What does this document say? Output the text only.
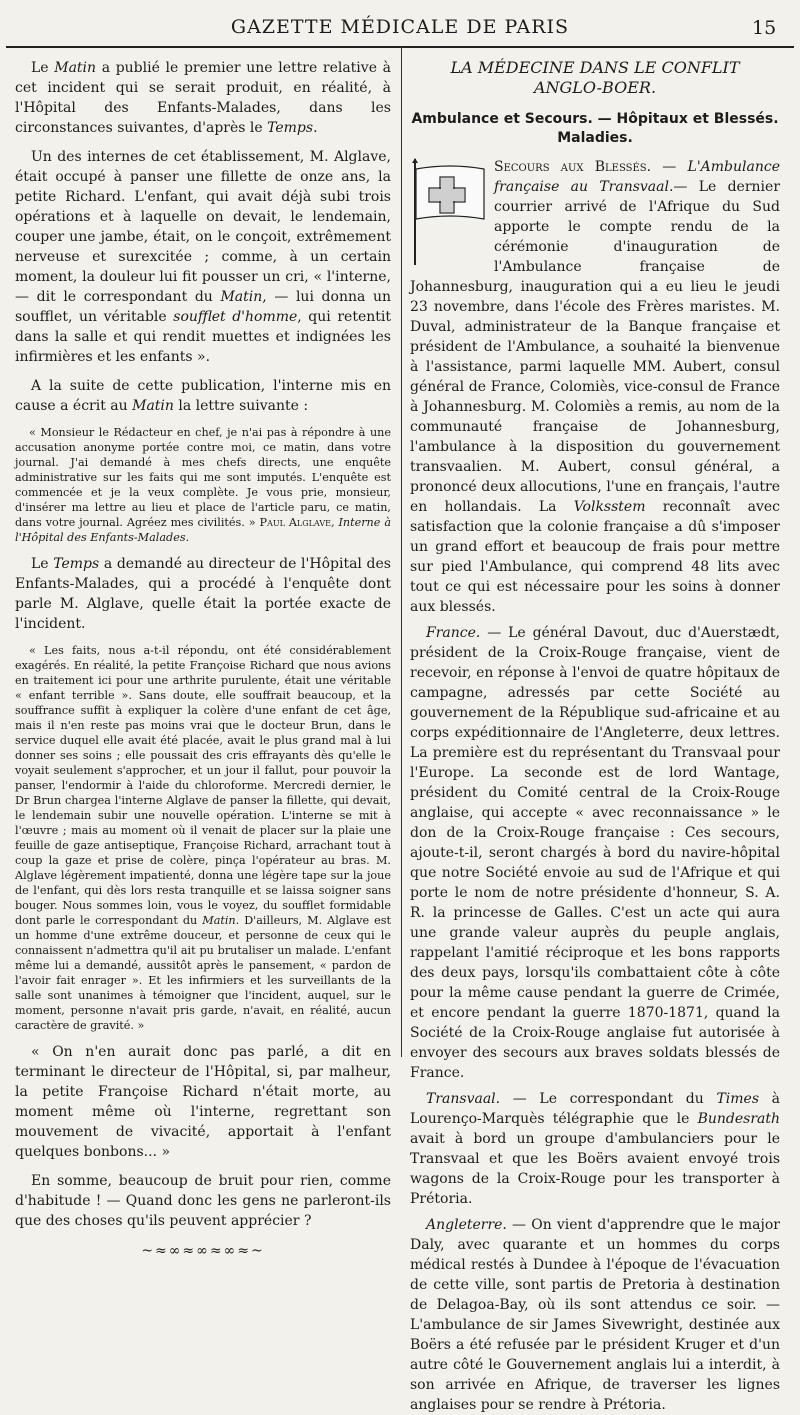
GAZETTE MÉDICALE DE PARIS	15

Le Matin a publié le premier une lettre relative à cet incident qui se serait produit, en réalité, à l'Hôpital des Enfants-Malades, dans les circonstances suivantes, d'après le Temps.

Un des internes de cet établissement, M. Alglave, était occupé à panser une fillette de onze ans, la petite Richard. L'enfant, qui avait déjà subi trois opérations et à laquelle on devait, le lendemain, couper une jambe, était, on le conçoit, extrêmement nerveuse et surexcitée ; comme, à un certain moment, la douleur lui fit pousser un cri, « l'interne, — dit le correspondant du Matin, — lui donna un soufflet, un véritable soufflet d'homme, qui retentit dans la salle et qui rendit muettes et indignées les infirmières et les enfants ».

A la suite de cette publication, l'interne mis en cause a écrit au Matin la lettre suivante :

« Monsieur le Rédacteur en chef, je n'ai pas à répondre à une accusation anonyme portée contre moi, ce matin, dans votre journal. J'ai demandé à mes chefs directs, une enquête administrative sur les faits qui me sont imputés. L'enquête est commencée et je la veux complète. Je vous prie, monsieur, d'insérer ma lettre au lieu et place de l'article paru, ce matin, dans votre journal. Agréez mes civilités. » Paul Alglave, Interne à l'Hôpital des Enfants-Malades.

Le Temps a demandé au directeur de l'Hôpital des Enfants-Malades, qui a procédé à l'enquête dont parle M. Alglave, quelle était la portée exacte de l'incident.

« Les faits, nous a-t-il répondu, ont été considérablement exagérés. En réalité, la petite Françoise Richard que nous avions en traitement ici pour une arthrite purulente, était une véritable « enfant terrible ». Sans doute, elle souffrait beaucoup, et la souffrance suffit à expliquer la colère d'une enfant de cet âge, mais il n'en reste pas moins vrai que le docteur Brun, dans le service duquel elle avait été placée, avait le plus grand mal à lui donner ses soins ; elle poussait des cris effrayants dès qu'elle le voyait seulement s'approcher, et un jour il fallut, pour pouvoir la panser, l'endormir à l'aide du chloroforme. Mercredi dernier, le Dr Brun chargea l'interne Alglave de panser la fillette, qui devait, le lendemain subir une nouvelle opération. L'interne se mit à l'œuvre ; mais au moment où il venait de placer sur la plaie une feuille de gaze antiseptique, Françoise Richard, arrachant tout à coup la gaze et prise de colère, pinça l'opérateur au bras. M. Alglave légèrement impatienté, donna une légère tape sur la joue de l'enfant, qui dès lors resta tranquille et se laissa soigner sans bouger. Nous sommes loin, vous le voyez, du soufflet formidable dont parle le correspondant du Matin. D'ailleurs, M. Alglave est un homme d'une extrême douceur, et personne de ceux qui le connaissent n'admettra qu'il ait pu brutaliser un malade. L'enfant même lui a demandé, aussitôt après le pansement, « pardon de l'avoir fait enrager ». Et les infirmiers et les surveillants de la salle sont unanimes à témoigner que l'incident, auquel, sur le moment, personne n'avait pris garde, n'avait, en réalité, aucun caractère de gravité. »

« On n'en aurait donc pas parlé, a dit en terminant le directeur de l'Hôpital, si, par malheur, la petite Françoise Richard n'était morte, au moment même où l'interne, regrettant son mouvement de vivacité, apportait à l'enfant quelques bonbons... »

En somme, beaucoup de bruit pour rien, comme d'habitude ! — Quand donc les gens ne parleront-ils que des choses qu'ils peuvent apprécier ?

~≈∞≈∞≈∞≈~
LA MÉDECINE DANS LE CONFLIT
ANGLO-BOER.
Ambulance et Secours. — Hôpitaux et Blessés.
Maladies.

Secours aux Blessés. — L'Ambulance française au Transvaal.— Le dernier courrier arrivé de l'Afrique du Sud apporte le compte rendu de la cérémonie d'inauguration de l'Ambulance française de Johannesburg, inauguration qui a eu lieu le jeudi 23 novembre, dans l'école des Frères maristes. M. Duval, administrateur de la Banque française et président de l'Ambulance, a souhaité la bienvenue à l'assistance, parmi laquelle MM. Aubert, consul général de France, Colomiès, vice-consul de France à Johannesburg. M. Colomiès a remis, au nom de la communauté française de Johannesburg, l'ambulance à la disposition du gouvernement transvaalien. M. Aubert, consul général, a prononcé deux allocutions, l'une en français, l'autre en hollandais. La Volksstem reconnaît avec satisfaction que la colonie française a dû s'imposer un grand effort et beaucoup de frais pour mettre sur pied l'Ambulance, qui comprend 48 lits avec tout ce qui est nécessaire pour les soins à donner aux blessés.

France. — Le général Davout, duc d'Auerstædt, président de la Croix-Rouge française, vient de recevoir, en réponse à l'envoi de quatre hôpitaux de campagne, adressés par cette Société au gouvernement de la République sud-africaine et au corps expéditionnaire de l'Angleterre, deux lettres. La première est du représentant du Transvaal pour l'Europe. La seconde est de lord Wantage, président du Comité central de la Croix-Rouge anglaise, qui accepte « avec reconnaissance » le don de la Croix-Rouge française : Ces secours, ajoute-t-il, seront chargés à bord du navire-hôpital que notre Société envoie au sud de l'Afrique et qui porte le nom de notre présidente d'honneur, S. A. R. la princesse de Galles. C'est un acte qui aura une grande valeur auprès du peuple anglais, rappelant l'amitié réciproque et les bons rapports des deux pays, lorsqu'ils combattaient côte à côte pour la même cause pendant la guerre de Crimée, et encore pendant la guerre 1870-1871, quand la Société de la Croix-Rouge anglaise fut autorisée à envoyer des secours aux braves soldats blessés de France.

Transvaal. — Le correspondant du Times à Lourenço-Marquès télégraphie que le Bundesrath avait à bord un groupe d'ambulanciers pour le Transvaal et que les Boërs avaient envoyé trois wagons de la Croix-Rouge pour les transporter à Prétoria.

Angleterre. — On vient d'apprendre que le major Daly, avec quarante et un hommes du corps médical restés à Dundee à l'époque de l'évacuation de cette ville, sont partis de Pretoria à destination de Delagoa-Bay, où ils sont attendus ce soir. — L'ambulance de sir James Sivewright, destinée aux Boërs a été refusée par le président Kruger et d'un autre côté le Gouvernement anglais lui a interdit, à son arrivée en Afrique, de traverser les lignes anglaises pour se rendre à Prétoria.
